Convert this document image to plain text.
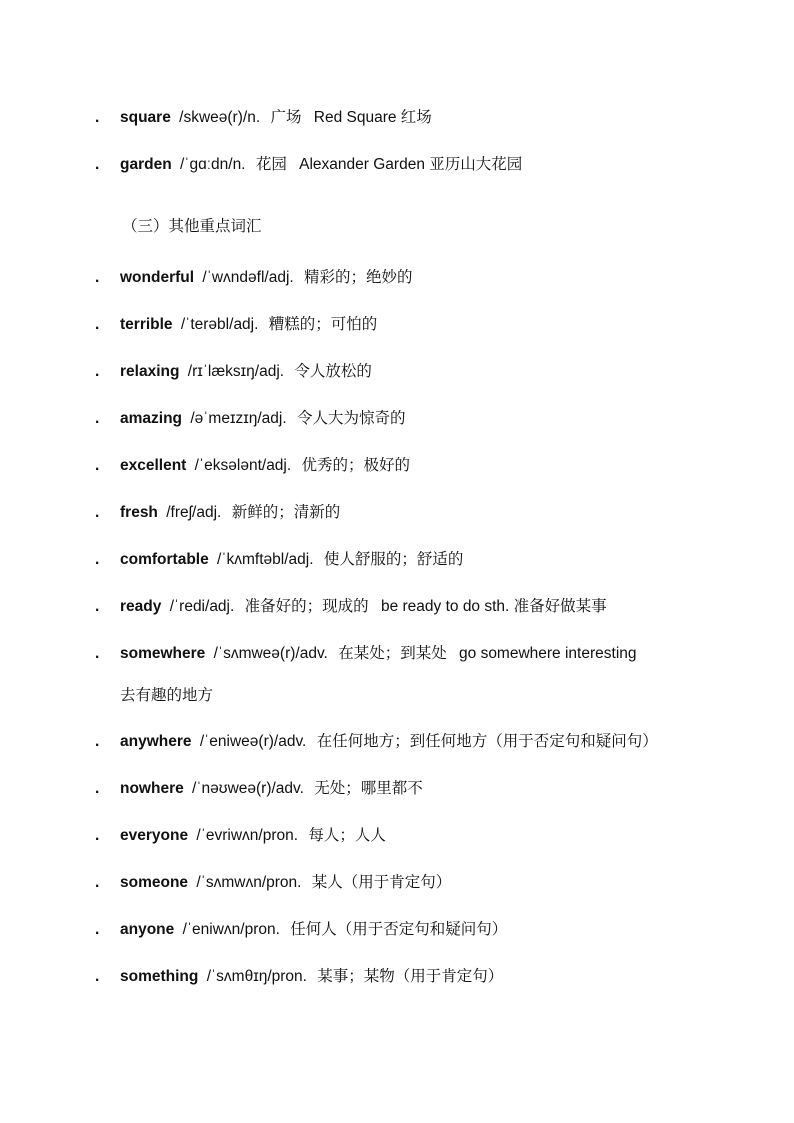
. square /skweə(r)/n. 广场 Red Square 红场
. garden /ˈɡɑːdn/n. 花园 Alexander Garden 亚历山大花园
（三）其他重点词汇
. wonderful /ˈwʌndəfl/adj. 精彩的；绝妙的
. terrible /ˈterəbl/adj. 糟糕的；可怕的
. relaxing /rɪˈlæksɪŋ/adj. 令人放松的
. amazing /əˈmeɪzɪŋ/adj. 令人大为惊奇的
. excellent /ˈeksələnt/adj. 优秀的；极好的
. fresh /freʃ/adj. 新鲜的；清新的
. comfortable /ˈkʌmftəbl/adj. 使人舒服的；舒适的
. ready /ˈredi/adj. 准备好的；现成的 be ready to do sth. 准备好做某事
. somewhere /ˈsʌmweə(r)/adv. 在某处；到某处 go somewhere interesting
去有趣的地方
. anywhere /ˈeniweə(r)/adv. 在任何地方；到任何地方（用于否定句和疑问句）
. nowhere /ˈnəʊweə(r)/adv. 无处；哪里都不
. everyone /ˈevriwʌn/pron. 每人；人人
. someone /ˈsʌmwʌn/pron. 某人（用于肯定句）
. anyone /ˈeniwʌn/pron. 任何人（用于否定句和疑问句）
. something /ˈsʌmθɪŋ/pron. 某事；某物（用于肯定句）
